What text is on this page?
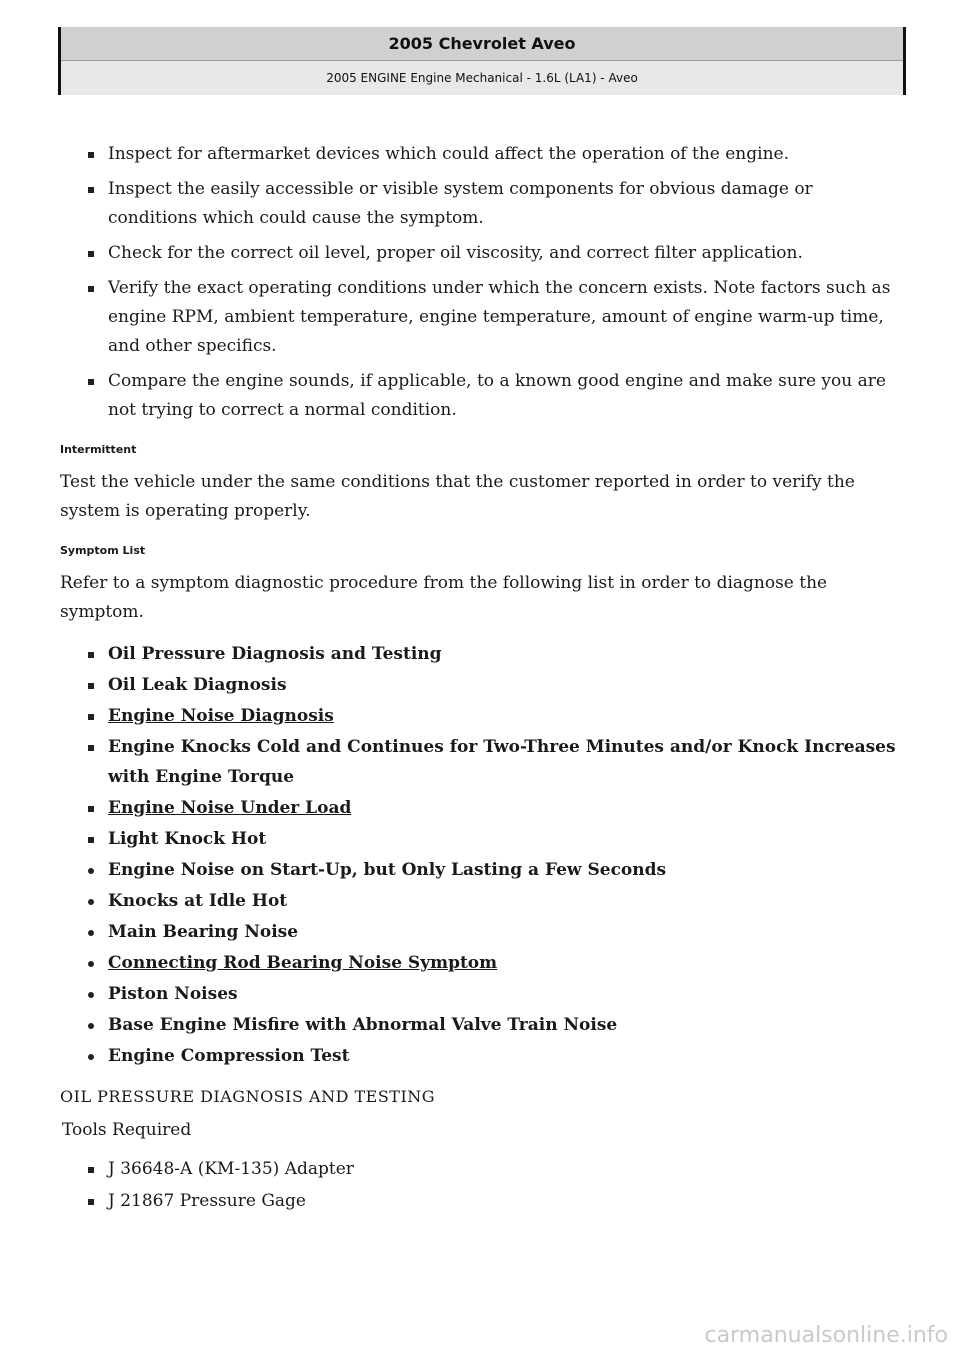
2005 Chevrolet Aveo
2005 ENGINE Engine Mechanical - 1.6L (LA1) - Aveo
Inspect for aftermarket devices which could affect the operation of the engine.
Inspect the easily accessible or visible system components for obvious damage or conditions which could cause the symptom.
Check for the correct oil level, proper oil viscosity, and correct filter application.
Verify the exact operating conditions under which the concern exists. Note factors such as engine RPM, ambient temperature, engine temperature, amount of engine warm-up time, and other specifics.
Compare the engine sounds, if applicable, to a known good engine and make sure you are not trying to correct a normal condition.
Intermittent

Test the vehicle under the same conditions that the customer reported in order to verify the system is operating properly.

Symptom List

Refer to a symptom diagnostic procedure from the following list in order to diagnose the symptom.

Oil Pressure Diagnosis and Testing
Oil Leak Diagnosis
Engine Noise Diagnosis
Engine Knocks Cold and Continues for Two-Three Minutes and/or Knock Increases with Engine Torque
Engine Noise Under Load
Light Knock Hot
Engine Noise on Start-Up, but Only Lasting a Few Seconds
Knocks at Idle Hot
Main Bearing Noise
Connecting Rod Bearing Noise Symptom
Piston Noises
Base Engine Misfire with Abnormal Valve Train Noise
Engine Compression Test
OIL PRESSURE DIAGNOSIS AND TESTING
Tools Required
J 36648-A (KM-135) Adapter
J 21867 Pressure Gage
carmanualsonline.info
